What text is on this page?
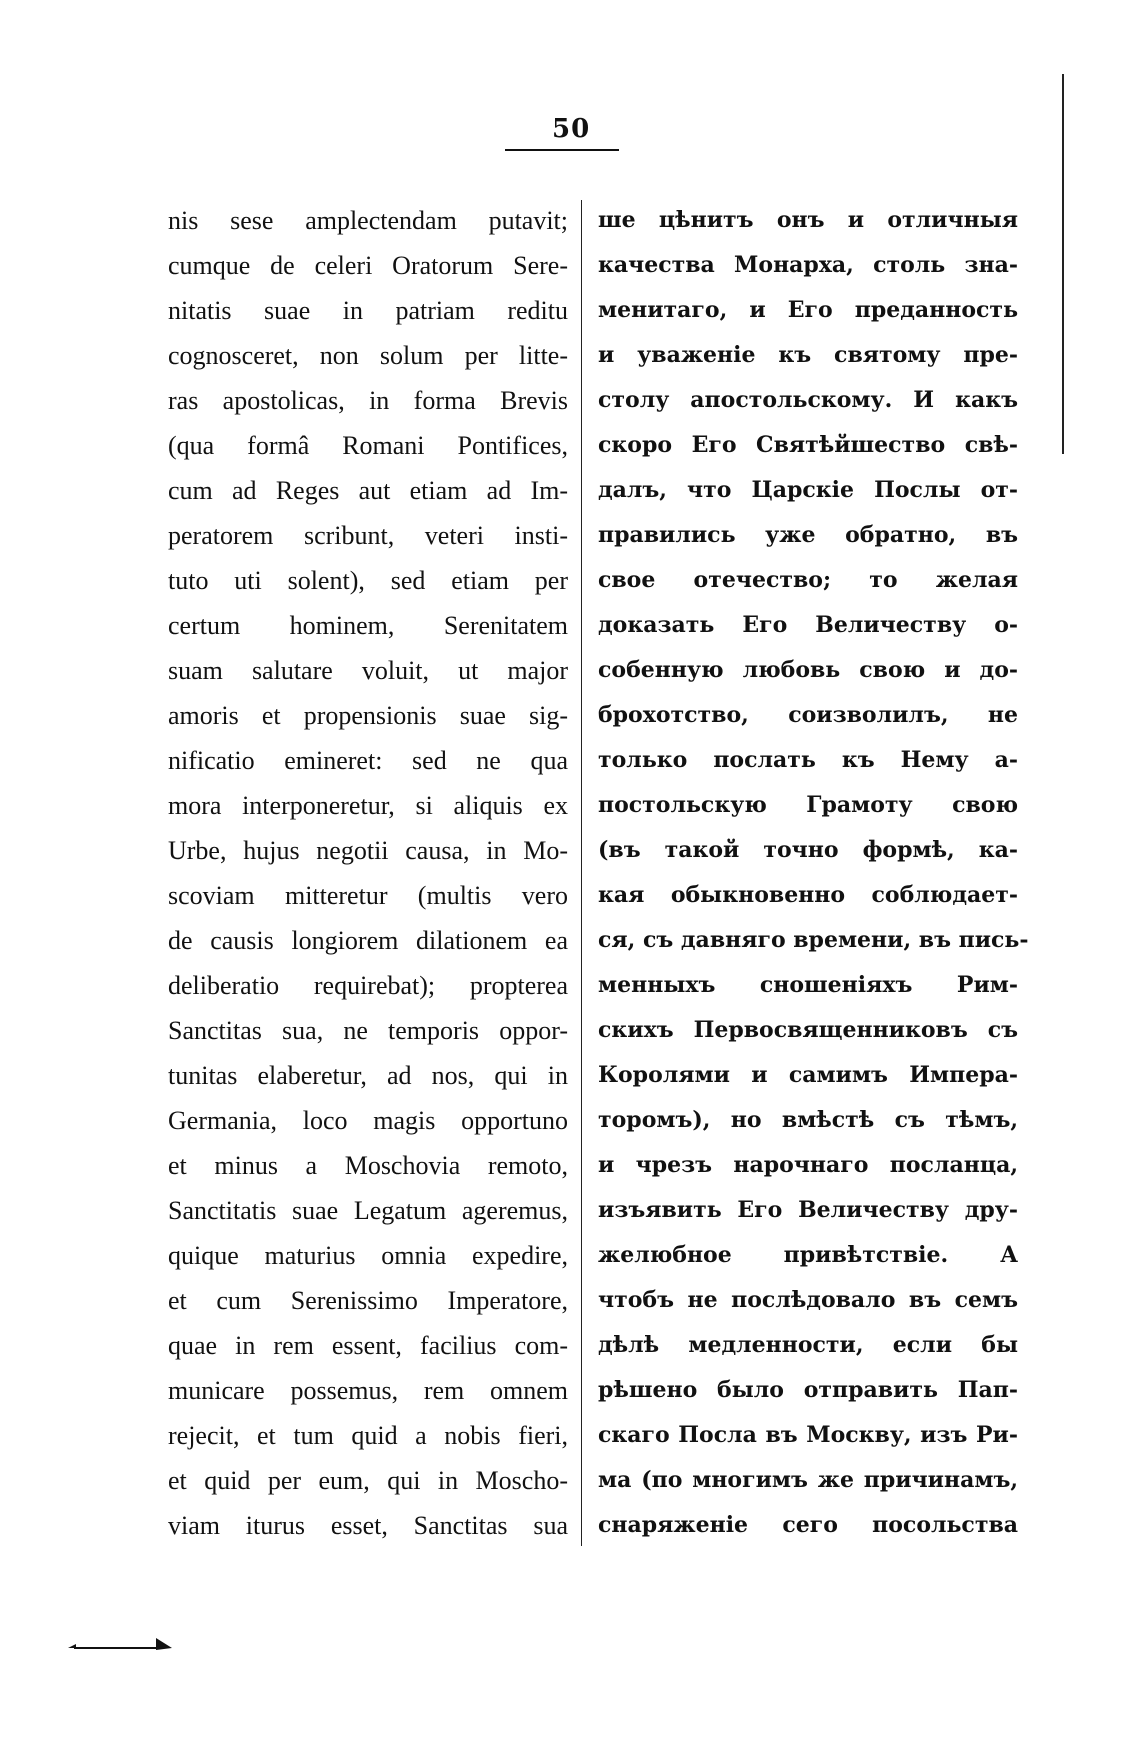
50
nis sese amplectendam putavit;
cumque de celeri Oratorum Sere-
nitatis suae in patriam reditu
cognosceret, non solum per litte-
ras apostolicas, in forma Brevis
(qua formâ Romani Pontifices,
cum ad Reges aut etiam ad Im-
peratorem scribunt, veteri insti-
tuto uti solent), sed etiam per
certum hominem, Serenitatem
suam salutare voluit, ut major
amoris et propensionis suae sig-
nificatio emineret: sed ne qua
mora interponeretur, si aliquis ex
Urbe, hujus negotii causa, in Mo-
scoviam mitteretur (multis vero
de causis longiorem dilationem ea
deliberatio requirebat); propterea
Sanctitas sua, ne temporis oppor-
tunitas elaberetur, ad nos, qui in
Germania, loco magis opportuno
et minus a Moschovia remoto,
Sanctitatis suae Legatum ageremus,
quique maturius omnia expedire,
et cum Serenissimo Imperatore,
quae in rem essent, facilius com-
municare possemus, rem omnem
rejecit, et tum quid a nobis fieri,
et quid per eum, qui in Moscho-
viam iturus esset, Sanctitas sua
ше цѣнитъ онъ и отличныя
качества Монарха, столь зна-
менитаго, и Его преданность
и уваженіе къ святому пре-
столу апостольскому. И какъ
скоро Его Святѣйшество свѣ-
далъ, что Царскіе Послы от-
правились уже обратно, въ
свое отечество; то желая
доказать Его Величеству о-
собенную любовь свою и до-
брохотство, соизволилъ, не
только послать къ Нему а-
постольскую Грамоту свою
(въ такой точно формѣ, ка-
кая обыкновенно соблюдает-
ся, съ давняго времени, въ пись-
менныхъ сношеніяхъ Рим-
скихъ Первосвященниковъ съ
Королями и самимъ Импера-
торомъ), но вмѣстѣ съ тѣмъ,
и чрезъ нарочнаго посланца,
изъявить Его Величеству дру-
желюбное привѣтствіе. А
чтобъ не послѣдовало въ семъ
дѣлѣ медленности, если бы
рѣшено было отправить Пап-
скаго Посла въ Москву, изъ Ри-
ма (по многимъ же причинамъ,
снаряженіе сего посольства
